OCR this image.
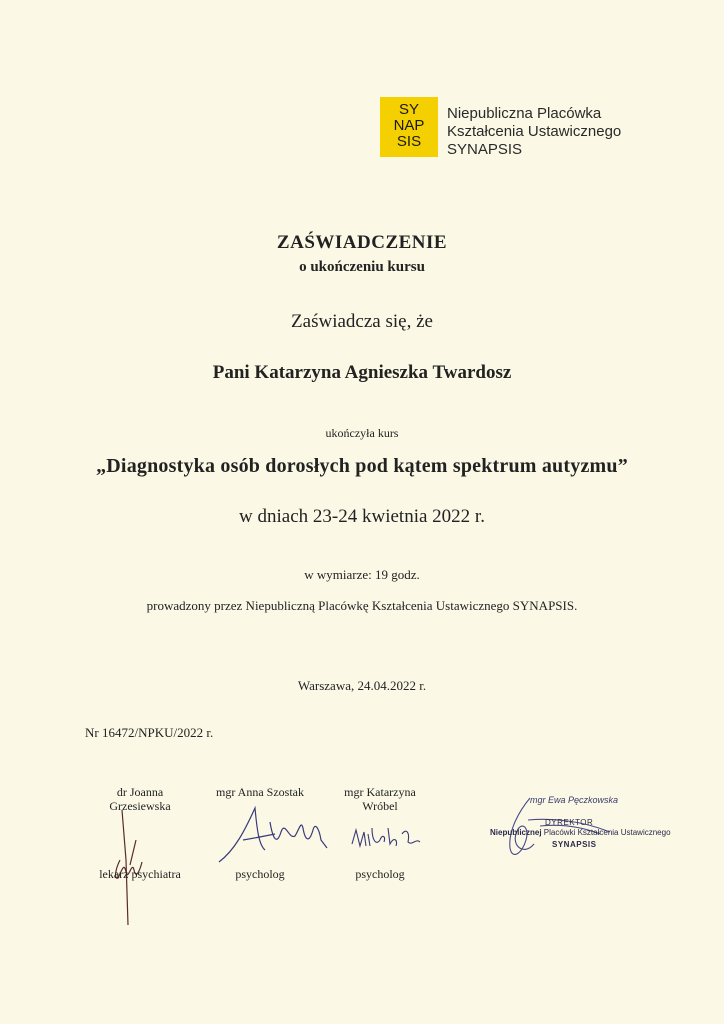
SY
NAP
SIS
Niepubliczna Placówka
Kształcenia Ustawicznego
SYNAPSIS
ZAŚWIADCZENIE
o ukończeniu kursu
Zaświadcza się, że
Pani Katarzyna Agnieszka Twardosz
ukończyła kurs
„Diagnostyka osób dorosłych pod kątem spektrum autyzmu”
w dniach 23-24 kwietnia 2022 r.
w wymiarze: 19 godz.
prowadzony przez Niepubliczną Placówkę Kształcenia Ustawicznego SYNAPSIS.
Warszawa, 24.04.2022 r.
Nr 16472/NPKU/2022 r.
dr Joanna
Grzesiewska
lekarz psychiatra
mgr Anna Szostak
psycholog
mgr Katarzyna
Wróbel
psycholog
mgr Ewa Pęczkowska
DYREKTOR
Niepublicznej Placówki Kształcenia Ustawicznego
SYNAPSIS
